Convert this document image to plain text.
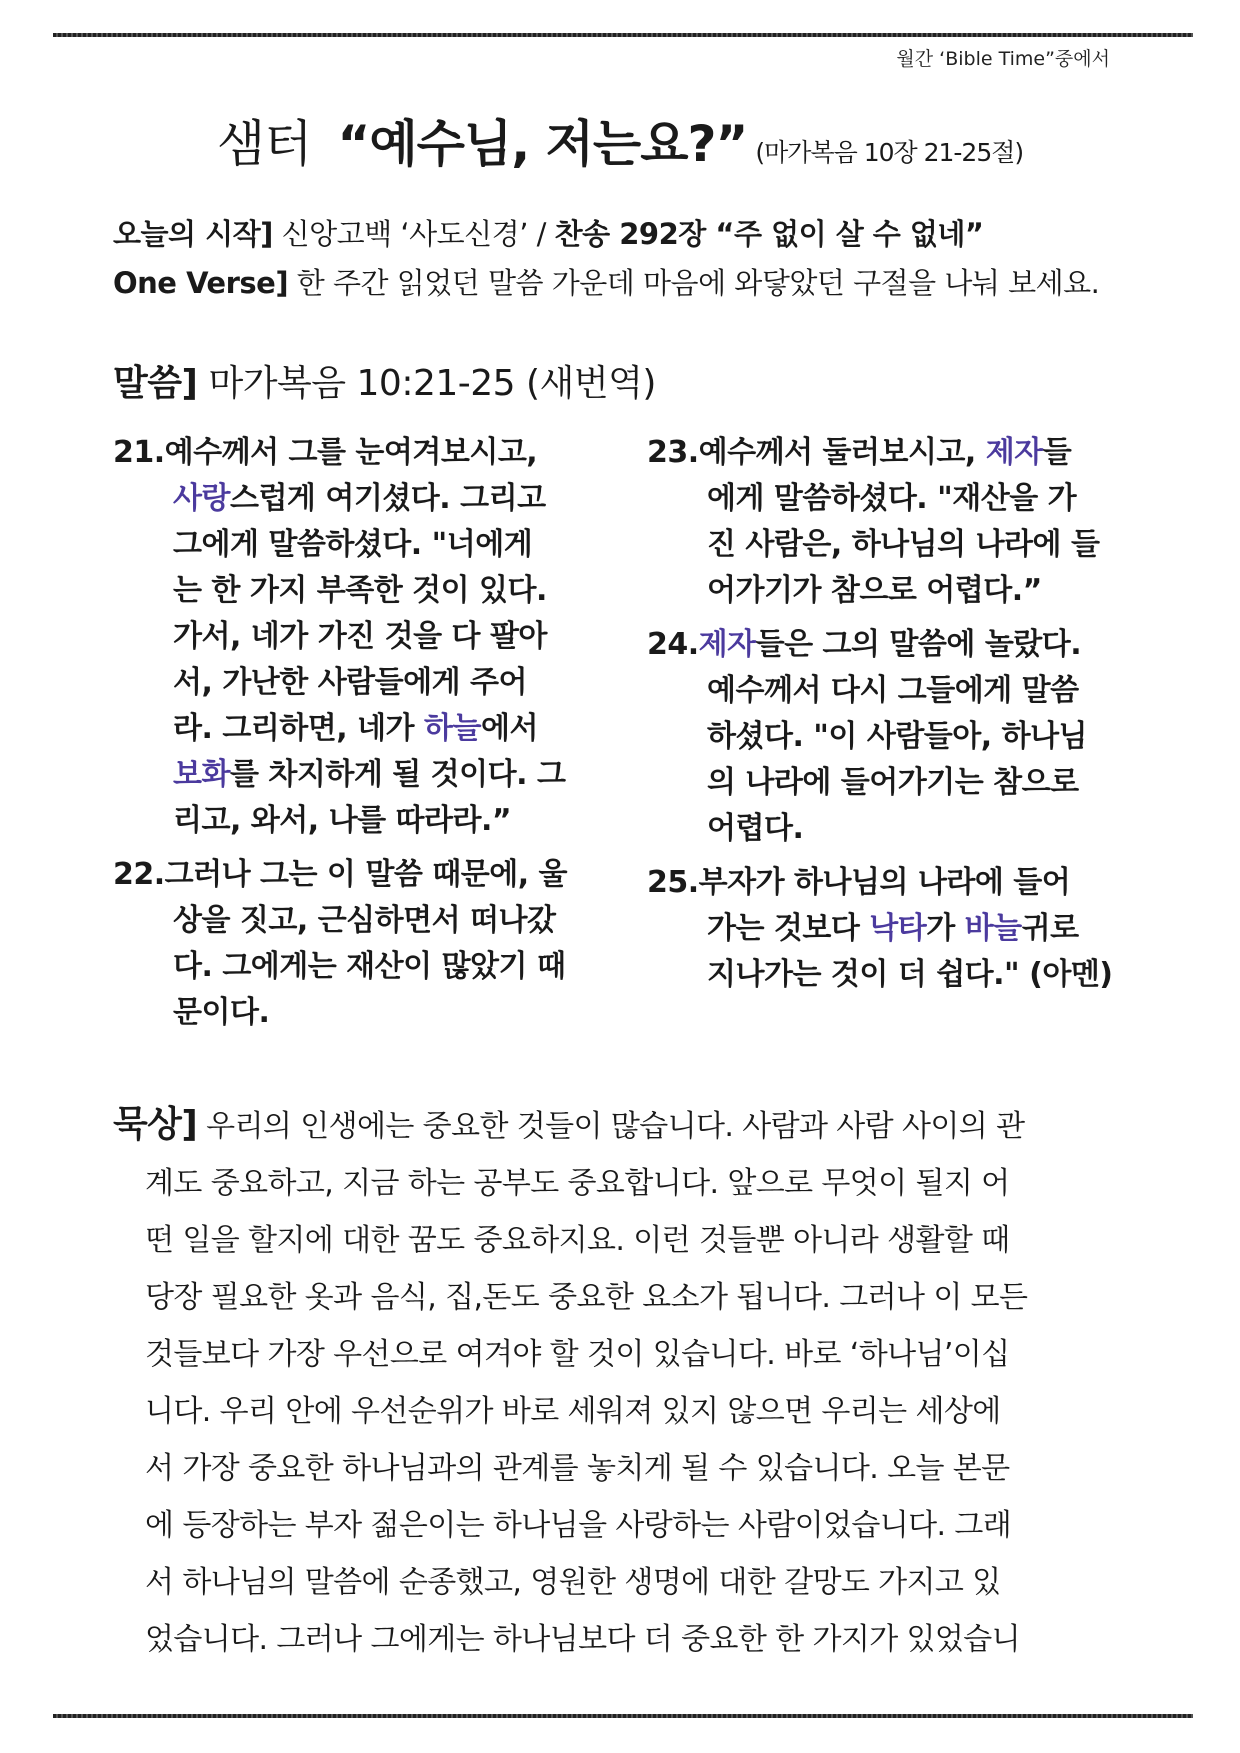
월간 ‘Bible Time”중에서
샘터 “예수님, 저는요?” (마가복음 10장 21-25절)
오늘의 시작] 신앙고백 ‘사도신경’ / 찬송 292장 “주 없이 살 수 없네”
One Verse] 한 주간 읽었던 말씀 가운데 마음에 와닿았던 구절을 나눠 보세요.
말씀] 마가복음 10:21-25 (새번역)
21.예수께서 그를 눈여겨보시고,
사랑스럽게 여기셨다. 그리고
그에게 말씀하셨다. "너에게
는 한 가지 부족한 것이 있다.
가서, 네가 가진 것을 다 팔아
서, 가난한 사람들에게 주어
라. 그리하면, 네가 하늘에서
보화를 차지하게 될 것이다. 그
리고, 와서, 나를 따라라.”
22.그러나 그는 이 말씀 때문에, 울
상을 짓고, 근심하면서 떠나갔
다. 그에게는 재산이 많았기 때
문이다.
23.예수께서 둘러보시고, 제자들
에게 말씀하셨다. "재산을 가
진 사람은, 하나님의 나라에 들
어가기가 참으로 어렵다.”
24.제자들은 그의 말씀에 놀랐다.
예수께서 다시 그들에게 말씀
하셨다. "이 사람들아, 하나님
의 나라에 들어가기는 참으로
어렵다.
25.부자가 하나님의 나라에 들어
가는 것보다 낙타가 바늘귀로
지나가는 것이 더 쉽다." (아멘)
묵상] 우리의 인생에는 중요한 것들이 많습니다. 사람과 사람 사이의 관
계도 중요하고, 지금 하는 공부도 중요합니다. 앞으로 무엇이 될지 어
떤 일을 할지에 대한 꿈도 중요하지요. 이런 것들뿐 아니라 생활할 때
당장 필요한 옷과 음식, 집,돈도 중요한 요소가 됩니다. 그러나 이 모든
것들보다 가장 우선으로 여겨야 할 것이 있습니다. 바로 ‘하나님’이십
니다. 우리 안에 우선순위가 바로 세워져 있지 않으면 우리는 세상에
서 가장 중요한 하나님과의 관계를 놓치게 될 수 있습니다. 오늘 본문
에 등장하는 부자 젊은이는 하나님을 사랑하는 사람이었습니다. 그래
서 하나님의 말씀에 순종했고, 영원한 생명에 대한 갈망도 가지고 있
었습니다. 그러나 그에게는 하나님보다 더 중요한 한 가지가 있었습니
